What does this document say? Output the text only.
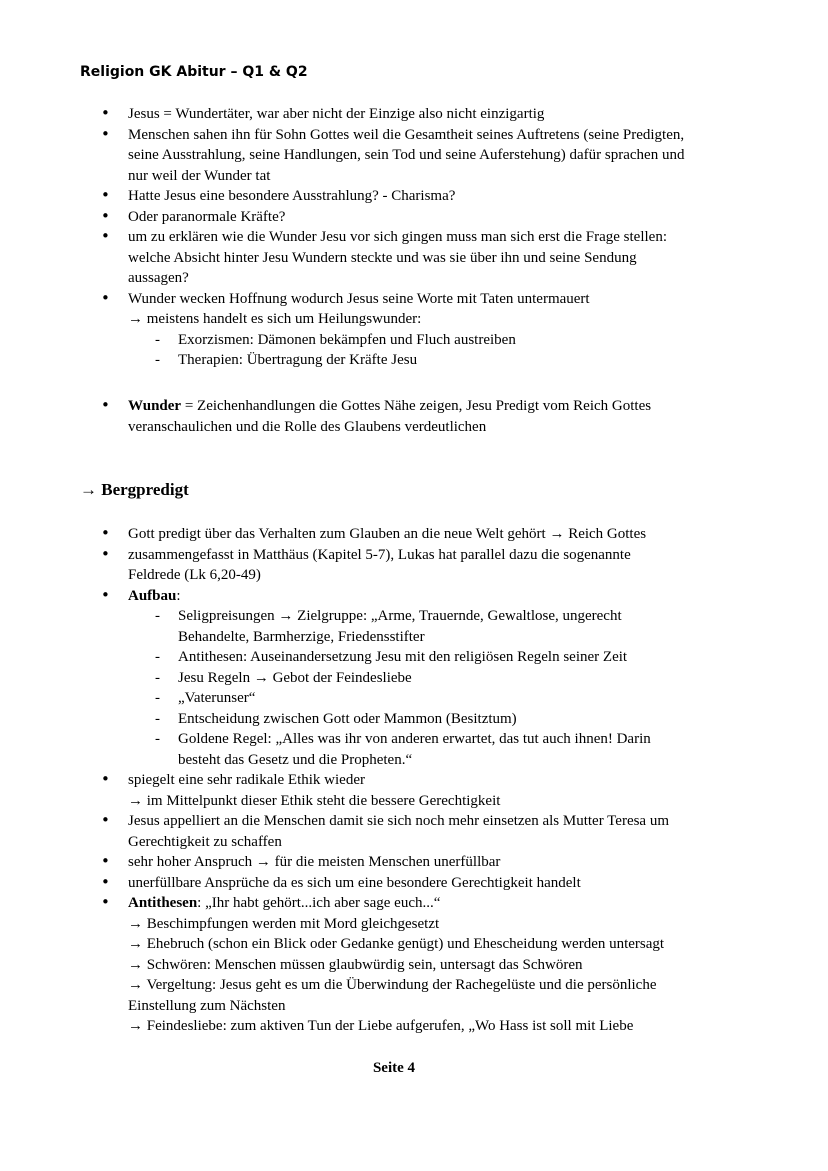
Religion GK Abitur – Q1 & Q2
• Jesus = Wundertäter, war aber nicht der Einzige also nicht einzigartig
• Menschen sahen ihn für Sohn Gottes weil die Gesamtheit seines Auftretens (seine Predigten,
seine Ausstrahlung, seine Handlungen, sein Tod und seine Auferstehung) dafür sprachen und
nur weil der Wunder tat
• Hatte Jesus eine besondere Ausstrahlung? - Charisma?
• Oder paranormale Kräfte?
• um zu erklären wie die Wunder Jesu vor sich gingen muss man sich erst die Frage stellen:
welche Absicht hinter Jesu Wundern steckte und was sie über ihn und seine Sendung
aussagen?
• Wunder wecken Hoffnung wodurch Jesus seine Worte mit Taten untermauert
→ meistens handelt es sich um Heilungswunder:
- Exorzismen: Dämonen bekämpfen und Fluch austreiben
- Therapien: Übertragung der Kräfte Jesu
• Wunder = Zeichenhandlungen die Gottes Nähe zeigen, Jesu Predigt vom Reich Gottes
veranschaulichen und die Rolle des Glaubens verdeutlichen
→ Bergpredigt
• Gott predigt über das Verhalten zum Glauben an die neue Welt gehört → Reich Gottes
• zusammengefasst in Matthäus (Kapitel 5-7), Lukas hat parallel dazu die sogenannte
Feldrede (Lk 6,20-49)
• Aufbau:
- Seligpreisungen → Zielgruppe: „Arme, Trauernde, Gewaltlose, ungerecht
Behandelte, Barmherzige, Friedensstifter
- Antithesen: Auseinandersetzung Jesu mit den religiösen Regeln seiner Zeit
- Jesu Regeln → Gebot der Feindesliebe
- „Vaterunser“
- Entscheidung zwischen Gott oder Mammon (Besitztum)
- Goldene Regel: „Alles was ihr von anderen erwartet, das tut auch ihnen! Darin
besteht das Gesetz und die Propheten.“
• spiegelt eine sehr radikale Ethik wieder
→ im Mittelpunkt dieser Ethik steht die bessere Gerechtigkeit
• Jesus appelliert an die Menschen damit sie sich noch mehr einsetzen als Mutter Teresa um
Gerechtigkeit zu schaffen
• sehr hoher Anspruch → für die meisten Menschen unerfüllbar
• unerfüllbare Ansprüche da es sich um eine besondere Gerechtigkeit handelt
• Antithesen: „Ihr habt gehört...ich aber sage euch...“
→ Beschimpfungen werden mit Mord gleichgesetzt
→ Ehebruch (schon ein Blick oder Gedanke genügt) und Ehescheidung werden untersagt
→ Schwören: Menschen müssen glaubwürdig sein, untersagt das Schwören
→ Vergeltung: Jesus geht es um die Überwindung der Rachegelüste und die persönliche
Einstellung zum Nächsten
→ Feindesliebe: zum aktiven Tun der Liebe aufgerufen, „Wo Hass ist soll mit Liebe
Seite 4
